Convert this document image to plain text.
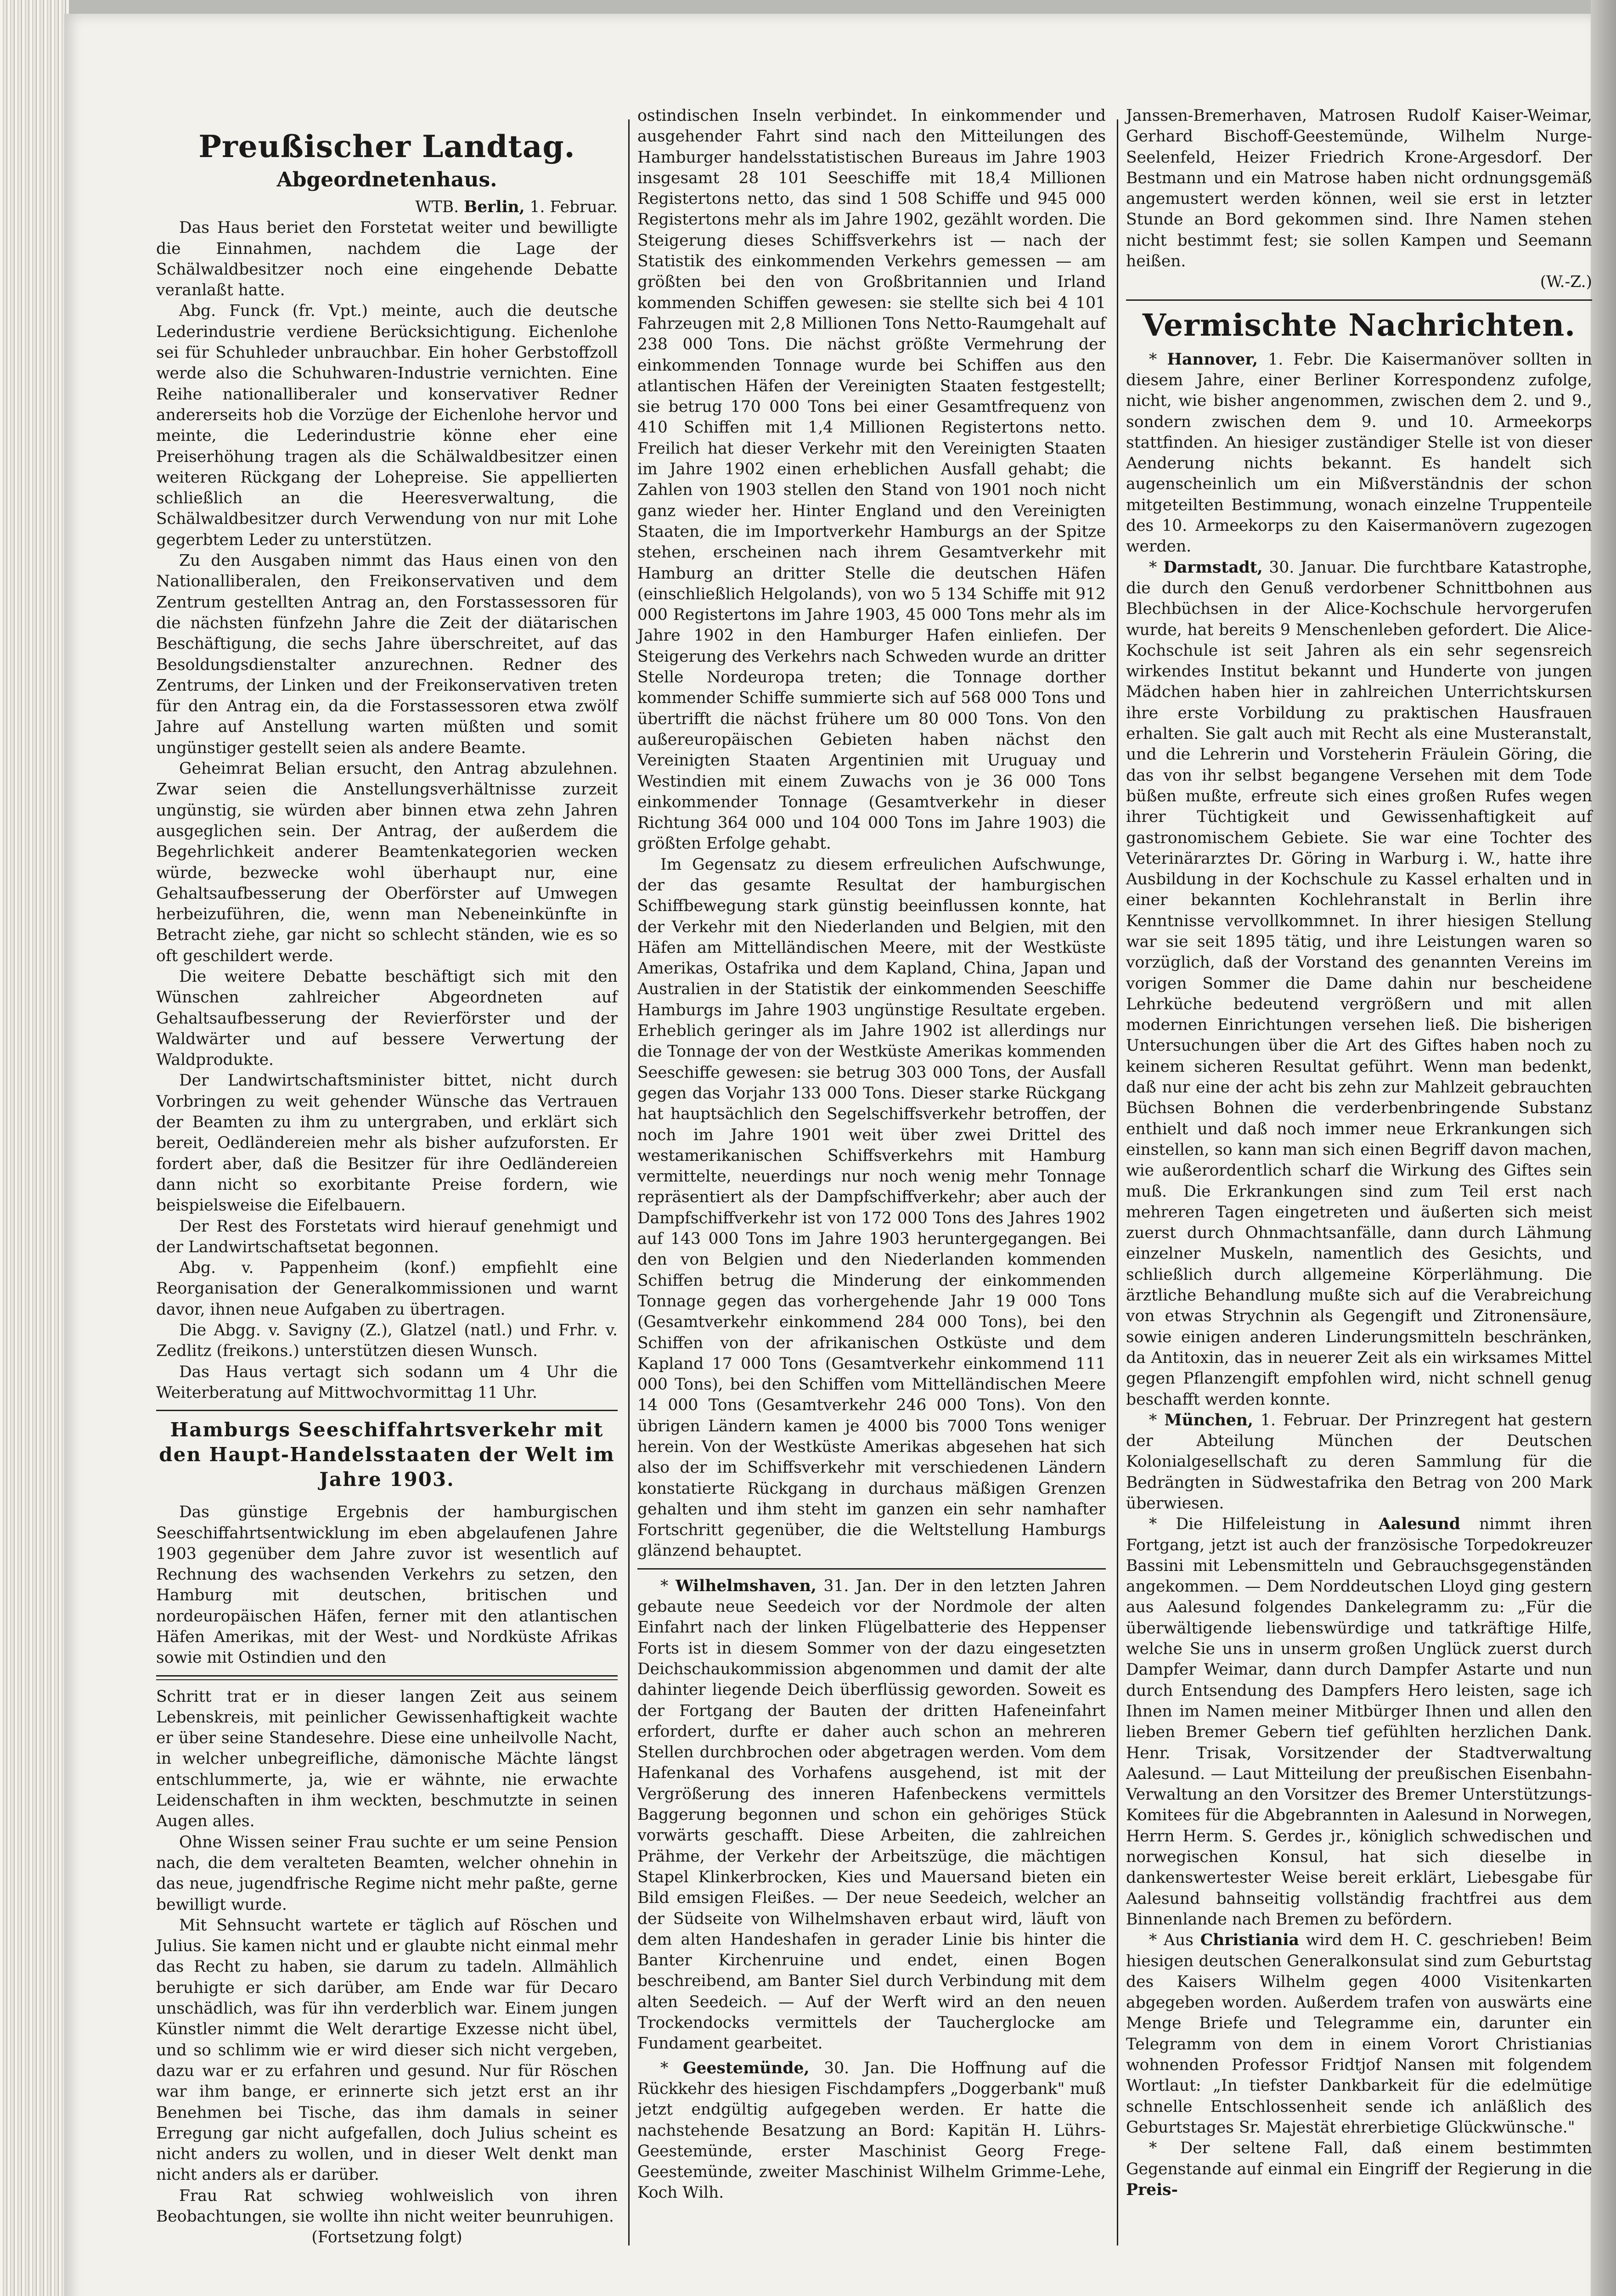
Preußischer Landtag.
Abgeordnetenhaus.

WTB. Berlin, 1. Februar.

Das Haus beriet den Forstetat weiter und bewilligte die Einnahmen, nachdem die Lage der Schälwaldbesitzer noch eine eingehende Debatte veranlaßt hatte.

Abg. Funck (fr. Vpt.) meinte, auch die deutsche Lederindustrie verdiene Berücksichtigung. Eichenlohe sei für Schuhleder unbrauchbar. Ein hoher Gerbstoffzoll werde also die Schuhwaren-Industrie vernichten. Eine Reihe nationalliberaler und konservativer Redner andererseits hob die Vorzüge der Eichenlohe hervor und meinte, die Lederindustrie könne eher eine Preiserhöhung tragen als die Schälwaldbesitzer einen weiteren Rückgang der Lohepreise. Sie appellierten schließlich an die Heeresverwaltung, die Schälwaldbesitzer durch Verwendung von nur mit Lohe gegerbtem Leder zu unterstützen.

Zu den Ausgaben nimmt das Haus einen von den Nationalliberalen, den Freikonservativen und dem Zentrum gestellten Antrag an, den Forstassessoren für die nächsten fünfzehn Jahre die Zeit der diätarischen Beschäftigung, die sechs Jahre überschreitet, auf das Besoldungsdienstalter anzurechnen. Redner des Zentrums, der Linken und der Freikonservativen treten für den Antrag ein, da die Forstassessoren etwa zwölf Jahre auf Anstellung warten müßten und somit ungünstiger gestellt seien als andere Beamte.

Geheimrat Belian ersucht, den Antrag abzulehnen. Zwar seien die Anstellungsverhältnisse zurzeit ungünstig, sie würden aber binnen etwa zehn Jahren ausgeglichen sein. Der Antrag, der außerdem die Begehrlichkeit anderer Beamtenkategorien wecken würde, bezwecke wohl überhaupt nur, eine Gehaltsaufbesserung der Oberförster auf Umwegen herbeizuführen, die, wenn man Nebeneinkünfte in Betracht ziehe, gar nicht so schlecht ständen, wie es so oft geschildert werde.

Die weitere Debatte beschäftigt sich mit den Wünschen zahlreicher Abgeordneten auf Gehaltsaufbesserung der Revierförster und der Waldwärter und auf bessere Verwertung der Waldprodukte.

Der Landwirtschaftsminister bittet, nicht durch Vorbringen zu weit gehender Wünsche das Vertrauen der Beamten zu ihm zu untergraben, und erklärt sich bereit, Oedländereien mehr als bisher aufzuforsten. Er fordert aber, daß die Besitzer für ihre Oedländereien dann nicht so exorbitante Preise fordern, wie beispielsweise die Eifelbauern.

Der Rest des Forstetats wird hierauf genehmigt und der Landwirtschaftsetat begonnen.

Abg. v. Pappenheim (konf.) empfiehlt eine Reorganisation der Generalkommissionen und warnt davor, ihnen neue Aufgaben zu übertragen.

Die Abgg. v. Savigny (Z.), Glatzel (natl.) und Frhr. v. Zedlitz (freikons.) unterstützen diesen Wunsch.

Das Haus vertagt sich sodann um 4 Uhr die Weiterberatung auf Mittwochvormittag 11 Uhr.

Hamburgs Seeschiffahrtsverkehr mit den Haupt-Handelsstaaten der Welt im Jahre 1903.

Das günstige Ergebnis der hamburgischen Seeschiffahrtsentwicklung im eben abgelaufenen Jahre 1903 gegenüber dem Jahre zuvor ist wesentlich auf Rechnung des wachsenden Verkehrs zu setzen, den Hamburg mit deutschen, britischen und nordeuropäischen Häfen, ferner mit den atlantischen Häfen Amerikas, mit der West- und Nordküste Afrikas sowie mit Ostindien und den

Schritt trat er in dieser langen Zeit aus seinem Lebenskreis, mit peinlicher Gewissenhaftigkeit wachte er über seine Standesehre. Diese eine unheilvolle Nacht, in welcher unbegreifliche, dämonische Mächte längst entschlummerte, ja, wie er wähnte, nie erwachte Leidenschaften in ihm weckten, beschmutzte in seinen Augen alles.

Ohne Wissen seiner Frau suchte er um seine Pension nach, die dem veralteten Beamten, welcher ohnehin in das neue, jugendfrische Regime nicht mehr paßte, gerne bewilligt wurde.

Mit Sehnsucht wartete er täglich auf Röschen und Julius. Sie kamen nicht und er glaubte nicht einmal mehr das Recht zu haben, sie darum zu tadeln. Allmählich beruhigte er sich darüber, am Ende war für Decaro unschädlich, was für ihn verderblich war. Einem jungen Künstler nimmt die Welt derartige Exzesse nicht übel, und so schlimm wie er wird dieser sich nicht vergeben, dazu war er zu erfahren und gesund. Nur für Röschen war ihm bange, er erinnerte sich jetzt erst an ihr Benehmen bei Tische, das ihm damals in seiner Erregung gar nicht aufgefallen, doch Julius scheint es nicht anders zu wollen, und in dieser Welt denkt man nicht anders als er darüber.

Frau Rat schwieg wohlweislich von ihren Beobachtungen, sie wollte ihn nicht weiter beunruhigen.

(Fortsetzung folgt)

ostindischen Inseln verbindet. In einkommender und ausgehender Fahrt sind nach den Mitteilungen des Hamburger handelsstatistischen Bureaus im Jahre 1903 insgesamt 28 101 Seeschiffe mit 18,4 Millionen Registertons netto, das sind 1 508 Schiffe und 945 000 Registertons mehr als im Jahre 1902, gezählt worden. Die Steigerung dieses Schiffsverkehrs ist — nach der Statistik des einkommenden Verkehrs gemessen — am größten bei den von Großbritannien und Irland kommenden Schiffen gewesen: sie stellte sich bei 4 101 Fahrzeugen mit 2,8 Millionen Tons Netto-Raumgehalt auf 238 000 Tons. Die nächst größte Vermehrung der einkommenden Tonnage wurde bei Schiffen aus den atlantischen Häfen der Vereinigten Staaten festgestellt; sie betrug 170 000 Tons bei einer Gesamtfrequenz von 410 Schiffen mit 1,4 Millionen Registertons netto. Freilich hat dieser Verkehr mit den Vereinigten Staaten im Jahre 1902 einen erheblichen Ausfall gehabt; die Zahlen von 1903 stellen den Stand von 1901 noch nicht ganz wieder her. Hinter England und den Vereinigten Staaten, die im Importverkehr Hamburgs an der Spitze stehen, erscheinen nach ihrem Gesamtverkehr mit Hamburg an dritter Stelle die deutschen Häfen (einschließlich Helgolands), von wo 5 134 Schiffe mit 912 000 Registertons im Jahre 1903, 45 000 Tons mehr als im Jahre 1902 in den Hamburger Hafen einliefen. Der Steigerung des Verkehrs nach Schweden wurde an dritter Stelle Nordeuropa treten; die Tonnage dorther kommender Schiffe summierte sich auf 568 000 Tons und übertrifft die nächst frühere um 80 000 Tons. Von den außereuropäischen Gebieten haben nächst den Vereinigten Staaten Argentinien mit Uruguay und Westindien mit einem Zuwachs von je 36 000 Tons einkommender Tonnage (Gesamtverkehr in dieser Richtung 364 000 und 104 000 Tons im Jahre 1903) die größten Erfolge gehabt.

Im Gegensatz zu diesem erfreulichen Aufschwunge, der das gesamte Resultat der hamburgischen Schiffbewegung stark günstig beeinflussen konnte, hat der Verkehr mit den Niederlanden und Belgien, mit den Häfen am Mittelländischen Meere, mit der Westküste Amerikas, Ostafrika und dem Kapland, China, Japan und Australien in der Statistik der einkommenden Seeschiffe Hamburgs im Jahre 1903 ungünstige Resultate ergeben. Erheblich geringer als im Jahre 1902 ist allerdings nur die Tonnage der von der Westküste Amerikas kommenden Seeschiffe gewesen: sie betrug 303 000 Tons, der Ausfall gegen das Vorjahr 133 000 Tons. Dieser starke Rückgang hat hauptsächlich den Segelschiffsverkehr betroffen, der noch im Jahre 1901 weit über zwei Drittel des westamerikanischen Schiffsverkehrs mit Hamburg vermittelte, neuerdings nur noch wenig mehr Tonnage repräsentiert als der Dampfschiffverkehr; aber auch der Dampfschiffverkehr ist von 172 000 Tons des Jahres 1902 auf 143 000 Tons im Jahre 1903 heruntergegangen. Bei den von Belgien und den Niederlanden kommenden Schiffen betrug die Minderung der einkommenden Tonnage gegen das vorhergehende Jahr 19 000 Tons (Gesamtverkehr einkommend 284 000 Tons), bei den Schiffen von der afrikanischen Ostküste und dem Kapland 17 000 Tons (Gesamtverkehr einkommend 111 000 Tons), bei den Schiffen vom Mittelländischen Meere 14 000 Tons (Gesamtverkehr 246 000 Tons). Von den übrigen Ländern kamen je 4000 bis 7000 Tons weniger herein. Von der Westküste Amerikas abgesehen hat sich also der im Schiffsverkehr mit verschiedenen Ländern konstatierte Rückgang in durchaus mäßigen Grenzen gehalten und ihm steht im ganzen ein sehr namhafter Fortschritt gegenüber, die die Weltstellung Hamburgs glänzend behauptet.

* Wilhelmshaven, 31. Jan. Der in den letzten Jahren gebaute neue Seedeich vor der Nordmole der alten Einfahrt nach der linken Flügelbatterie des Heppenser Forts ist in diesem Sommer von der dazu eingesetzten Deichschaukommission abgenommen und damit der alte dahinter liegende Deich überflüssig geworden. Soweit es der Fortgang der Bauten der dritten Hafeneinfahrt erfordert, durfte er daher auch schon an mehreren Stellen durchbrochen oder abgetragen werden. Vom dem Hafenkanal des Vorhafens ausgehend, ist mit der Vergrößerung des inneren Hafenbeckens vermittels Baggerung begonnen und schon ein gehöriges Stück vorwärts geschafft. Diese Arbeiten, die zahlreichen Prähme, der Verkehr der Arbeitszüge, die mächtigen Stapel Klinkerbrocken, Kies und Mauersand bieten ein Bild emsigen Fleißes. — Der neue Seedeich, welcher an der Südseite von Wilhelmshaven erbaut wird, läuft von dem alten Handeshafen in gerader Linie bis hinter die Banter Kirchenruine und endet, einen Bogen beschreibend, am Banter Siel durch Verbindung mit dem alten Seedeich. — Auf der Werft wird an den neuen Trockendocks vermittels der Taucherglocke am Fundament gearbeitet.

* Geestemünde, 30. Jan. Die Hoffnung auf die Rückkehr des hiesigen Fischdampfers „Doggerbank" muß jetzt endgültig aufgegeben werden. Er hatte die nachstehende Besatzung an Bord: Kapitän H. Lührs-Geestemünde, erster Maschinist Georg Frege-Geestemünde, zweiter Maschinist Wilhelm Grimme-Lehe, Koch Wilh.

Janssen-Bremerhaven, Matrosen Rudolf Kaiser-Weimar, Gerhard Bischoff-Geestemünde, Wilhelm Nurge-Seelenfeld, Heizer Friedrich Krone-Argesdorf. Der Bestmann und ein Matrose haben nicht ordnungsgemäß angemustert werden können, weil sie erst in letzter Stunde an Bord gekommen sind. Ihre Namen stehen nicht bestimmt fest; sie sollen Kampen und Seemann heißen.

(W.-Z.)

Vermischte Nachrichten.

* Hannover, 1. Febr. Die Kaisermanöver sollten in diesem Jahre, einer Berliner Korrespondenz zufolge, nicht, wie bisher angenommen, zwischen dem 2. und 9., sondern zwischen dem 9. und 10. Armeekorps stattfinden. An hiesiger zuständiger Stelle ist von dieser Aenderung nichts bekannt. Es handelt sich augenscheinlich um ein Mißverständnis der schon mitgeteilten Bestimmung, wonach einzelne Truppenteile des 10. Armeekorps zu den Kaisermanövern zugezogen werden.

* Darmstadt, 30. Januar. Die furchtbare Katastrophe, die durch den Genuß verdorbener Schnittbohnen aus Blechbüchsen in der Alice-Kochschule hervorgerufen wurde, hat bereits 9 Menschenleben gefordert. Die Alice-Kochschule ist seit Jahren als ein sehr segensreich wirkendes Institut bekannt und Hunderte von jungen Mädchen haben hier in zahlreichen Unterrichtskursen ihre erste Vorbildung zu praktischen Hausfrauen erhalten. Sie galt auch mit Recht als eine Musteranstalt, und die Lehrerin und Vorsteherin Fräulein Göring, die das von ihr selbst begangene Versehen mit dem Tode büßen mußte, erfreute sich eines großen Rufes wegen ihrer Tüchtigkeit und Gewissenhaftigkeit auf gastronomischem Gebiete. Sie war eine Tochter des Veterinärarztes Dr. Göring in Warburg i. W., hatte ihre Ausbildung in der Kochschule zu Kassel erhalten und in einer bekannten Kochlehranstalt in Berlin ihre Kenntnisse vervollkommnet. In ihrer hiesigen Stellung war sie seit 1895 tätig, und ihre Leistungen waren so vorzüglich, daß der Vorstand des genannten Vereins im vorigen Sommer die Dame dahin nur bescheidene Lehrküche bedeutend vergrößern und mit allen modernen Einrichtungen versehen ließ. Die bisherigen Untersuchungen über die Art des Giftes haben noch zu keinem sicheren Resultat geführt. Wenn man bedenkt, daß nur eine der acht bis zehn zur Mahlzeit gebrauchten Büchsen Bohnen die verderbenbringende Substanz enthielt und daß noch immer neue Erkrankungen sich einstellen, so kann man sich einen Begriff davon machen, wie außerordentlich scharf die Wirkung des Giftes sein muß. Die Erkrankungen sind zum Teil erst nach mehreren Tagen eingetreten und äußerten sich meist zuerst durch Ohnmachtsanfälle, dann durch Lähmung einzelner Muskeln, namentlich des Gesichts, und schließlich durch allgemeine Körperlähmung. Die ärztliche Behandlung mußte sich auf die Verabreichung von etwas Strychnin als Gegengift und Zitronensäure, sowie einigen anderen Linderungsmitteln beschränken, da Antitoxin, das in neuerer Zeit als ein wirksames Mittel gegen Pflanzengift empfohlen wird, nicht schnell genug beschafft werden konnte.

* München, 1. Februar. Der Prinzregent hat gestern der Abteilung München der Deutschen Kolonialgesellschaft zu deren Sammlung für die Bedrängten in Südwestafrika den Betrag von 200 Mark überwiesen.

* Die Hilfeleistung in Aalesund nimmt ihren Fortgang, jetzt ist auch der französische Torpedokreuzer Bassini mit Lebensmitteln und Gebrauchsgegenständen angekommen. — Dem Norddeutschen Lloyd ging gestern aus Aalesund folgendes Dankelegramm zu: „Für die überwältigende liebenswürdige und tatkräftige Hilfe, welche Sie uns in unserm großen Unglück zuerst durch Dampfer Weimar, dann durch Dampfer Astarte und nun durch Entsendung des Dampfers Hero leisten, sage ich Ihnen im Namen meiner Mitbürger Ihnen und allen den lieben Bremer Gebern tief gefühlten herzlichen Dank. Henr. Trisak, Vorsitzender der Stadtverwaltung Aalesund. — Laut Mitteilung der preußischen Eisenbahn-Verwaltung an den Vorsitzer des Bremer Unterstützungs-Komitees für die Abgebrannten in Aalesund in Norwegen, Herrn Herm. S. Gerdes jr., königlich schwedischen und norwegischen Konsul, hat sich dieselbe in dankenswertester Weise bereit erklärt, Liebesgabe für Aalesund bahnseitig vollständig frachtfrei aus dem Binnenlande nach Bremen zu befördern.

* Aus Christiania wird dem H. C. geschrieben! Beim hiesigen deutschen Generalkonsulat sind zum Geburtstag des Kaisers Wilhelm gegen 4000 Visitenkarten abgegeben worden. Außerdem trafen von auswärts eine Menge Briefe und Telegramme ein, darunter ein Telegramm von dem in einem Vorort Christianias wohnenden Professor Fridtjof Nansen mit folgendem Wortlaut: „In tiefster Dankbarkeit für die edelmütige schnelle Entschlossenheit sende ich anläßlich des Geburtstages Sr. Majestät ehrerbietige Glückwünsche."

* Der seltene Fall, daß einem bestimmten Gegenstande auf einmal ein Eingriff der Regierung in die Preis-
